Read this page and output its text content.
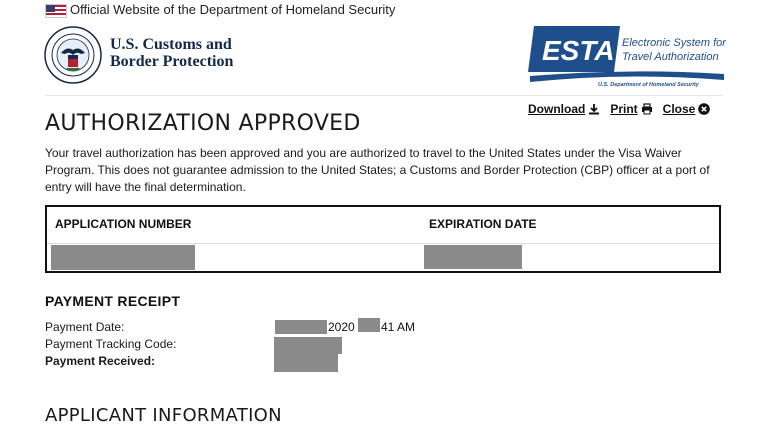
Official Website of the Department of Homeland Security
U.S. Customs and
Border Protection	ESTA Electronic System for
Travel Authorization
U.S. Department of Homeland Security
Download Print Close
AUTHORIZATION APPROVED
Your travel authorization has been approved and you are authorized to travel to the United States under the Visa Waiver Program. This does not guarantee admission to the United States; a Customs and Border Protection (CBP) officer at a port of entry will have the final determination.
APPLICATION NUMBER	EXPIRATION DATE
PAYMENT RECEIPT
Payment Date:
Payment Tracking Code:
Payment Received:
2020 41 AM
APPLICANT INFORMATION
